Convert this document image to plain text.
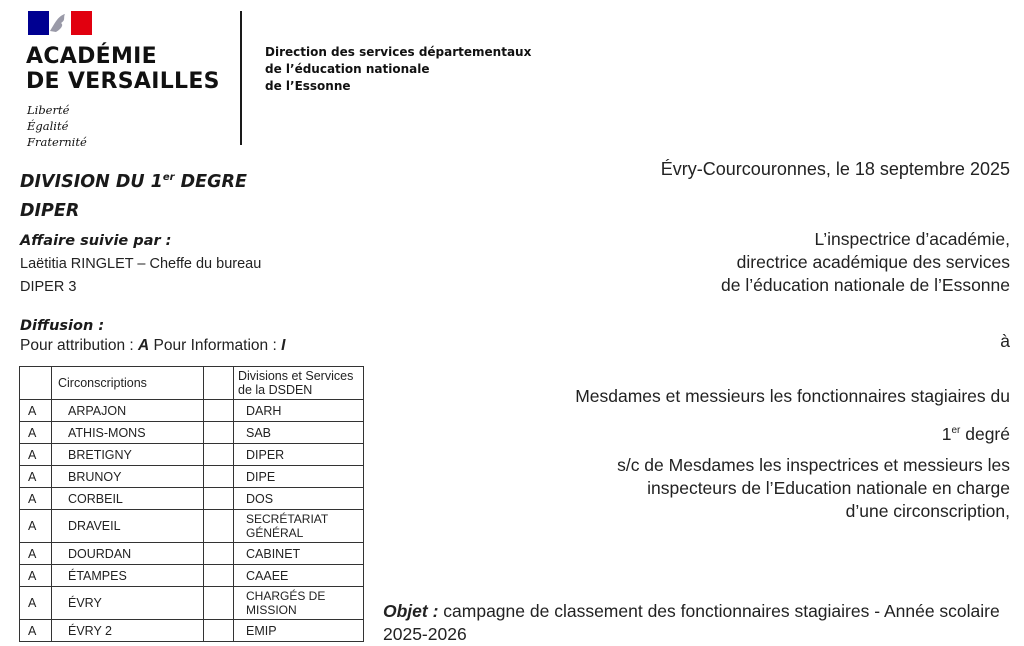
ACADÉMIE
DE VERSAILLES
Liberté
Égalité
Fraternité
Direction des services départementaux
de l’éducation nationale
de l’Essonne
DIVISION DU 1er DEGRE
DIPER
Affaire suivie par :
Laëtitia RINGLET – Cheffe du bureau
DIPER 3
Diffusion :
Pour attribution : A Pour Information : I
	Circonscriptions		Divisions et Services de la DSDEN
A	ARPAJON		DARH
A	ATHIS-MONS		SAB
A	BRETIGNY		DIPER
A	BRUNOY		DIPE
A	CORBEIL		DOS
A	DRAVEIL		SECRÉTARIAT GÉNÉRAL
A	DOURDAN		CABINET
A	ÉTAMPES		CAAEE
A	ÉVRY		CHARGÉS DE MISSION
A	ÉVRY 2		EMIP
Évry-Courcouronnes, le 18 septembre 2025
L’inspectrice d’académie,
directrice académique des services
de l’éducation nationale de l’Essonne
à
Mesdames et messieurs les fonctionnaires stagiaires du
1er degré
s/c de Mesdames les inspectrices et messieurs les
inspecteurs de l’Education nationale en charge
d’une circonscription,
Objet : campagne de classement des fonctionnaires stagiaires - Année scolaire 2025-2026
